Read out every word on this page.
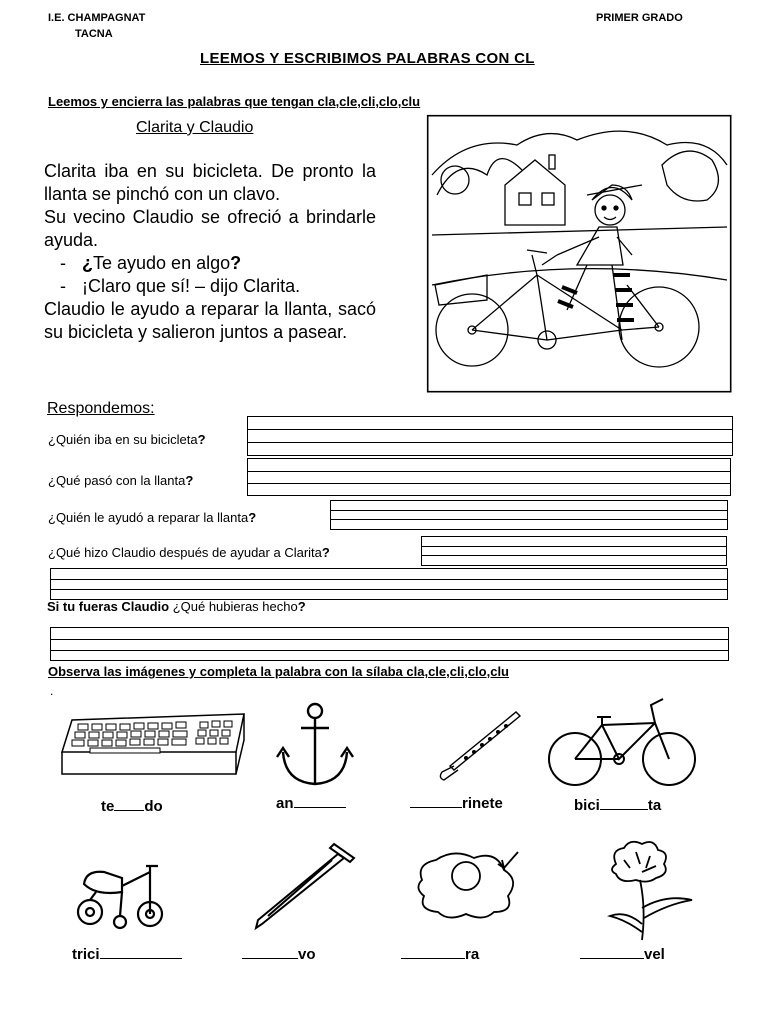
I.E. CHAMPAGNAT
TACNA
PRIMER GRADO
LEEMOS Y ESCRIBIMOS PALABRAS CON CL
Leemos y encierra las palabras que tengan cla,cle,cli,clo,clu
Clarita y Claudio

Clarita iba en su bicicleta. De pronto la llanta se pinchó con un clavo.

Su vecino Claudio se ofreció a brindarle ayuda.

- ¿Te ayudo en algo?
- ¡Claro que sí! – dijo Clarita.

Claudio le ayudo a reparar la llanta, sacó su bicicleta y salieron juntos a pasear.

Respondemos:
¿Quién iba en su bicicleta?
¿Qué pasó con la llanta?
¿Quién le ayudó a reparar la llanta?
¿Qué hizo Claudio después de ayudar a Clarita?
Si tu fueras Claudio ¿Qué hubieras hecho?
Observa las imágenes y completa la palabra con la sílaba cla,cle,cli,clo,clu
.
te do	an	rinete	bici	ta
trici	vo	ra	vel
